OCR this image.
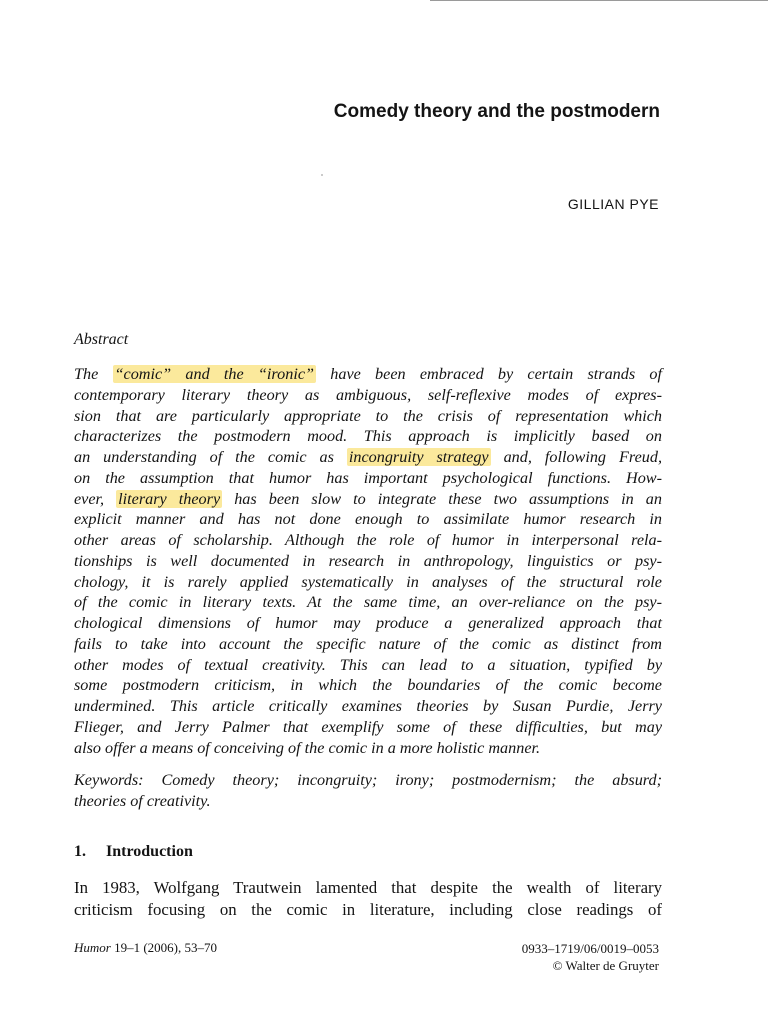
Comedy theory and the postmodern
GILLIAN PYE
Abstract
The “comic” and the “ironic” have been embraced by certain strands of
contemporary literary theory as ambiguous, self-reflexive modes of expres-
sion that are particularly appropriate to the crisis of representation which
characterizes the postmodern mood. This approach is implicitly based on
an understanding of the comic as incongruity strategy and, following Freud,
on the assumption that humor has important psychological functions. How-
ever, literary theory has been slow to integrate these two assumptions in an
explicit manner and has not done enough to assimilate humor research in
other areas of scholarship. Although the role of humor in interpersonal rela-
tionships is well documented in research in anthropology, linguistics or psy-
chology, it is rarely applied systematically in analyses of the structural role
of the comic in literary texts. At the same time, an over-reliance on the psy-
chological dimensions of humor may produce a generalized approach that
fails to take into account the specific nature of the comic as distinct from
other modes of textual creativity. This can lead to a situation, typified by
some postmodern criticism, in which the boundaries of the comic become
undermined. This article critically examines theories by Susan Purdie, Jerry
Flieger, and Jerry Palmer that exemplify some of these difficulties, but may
also offer a means of conceiving of the comic in a more holistic manner.
Keywords: Comedy theory; incongruity; irony; postmodernism; the absurd;
theories of creativity.
1. Introduction
In 1983, Wolfgang Trautwein lamented that despite the wealth of literary
criticism focusing on the comic in literature, including close readings of
Humor 19–1 (2006), 53–70	0933–1719/06/0019–0053
© Walter de Gruyter
